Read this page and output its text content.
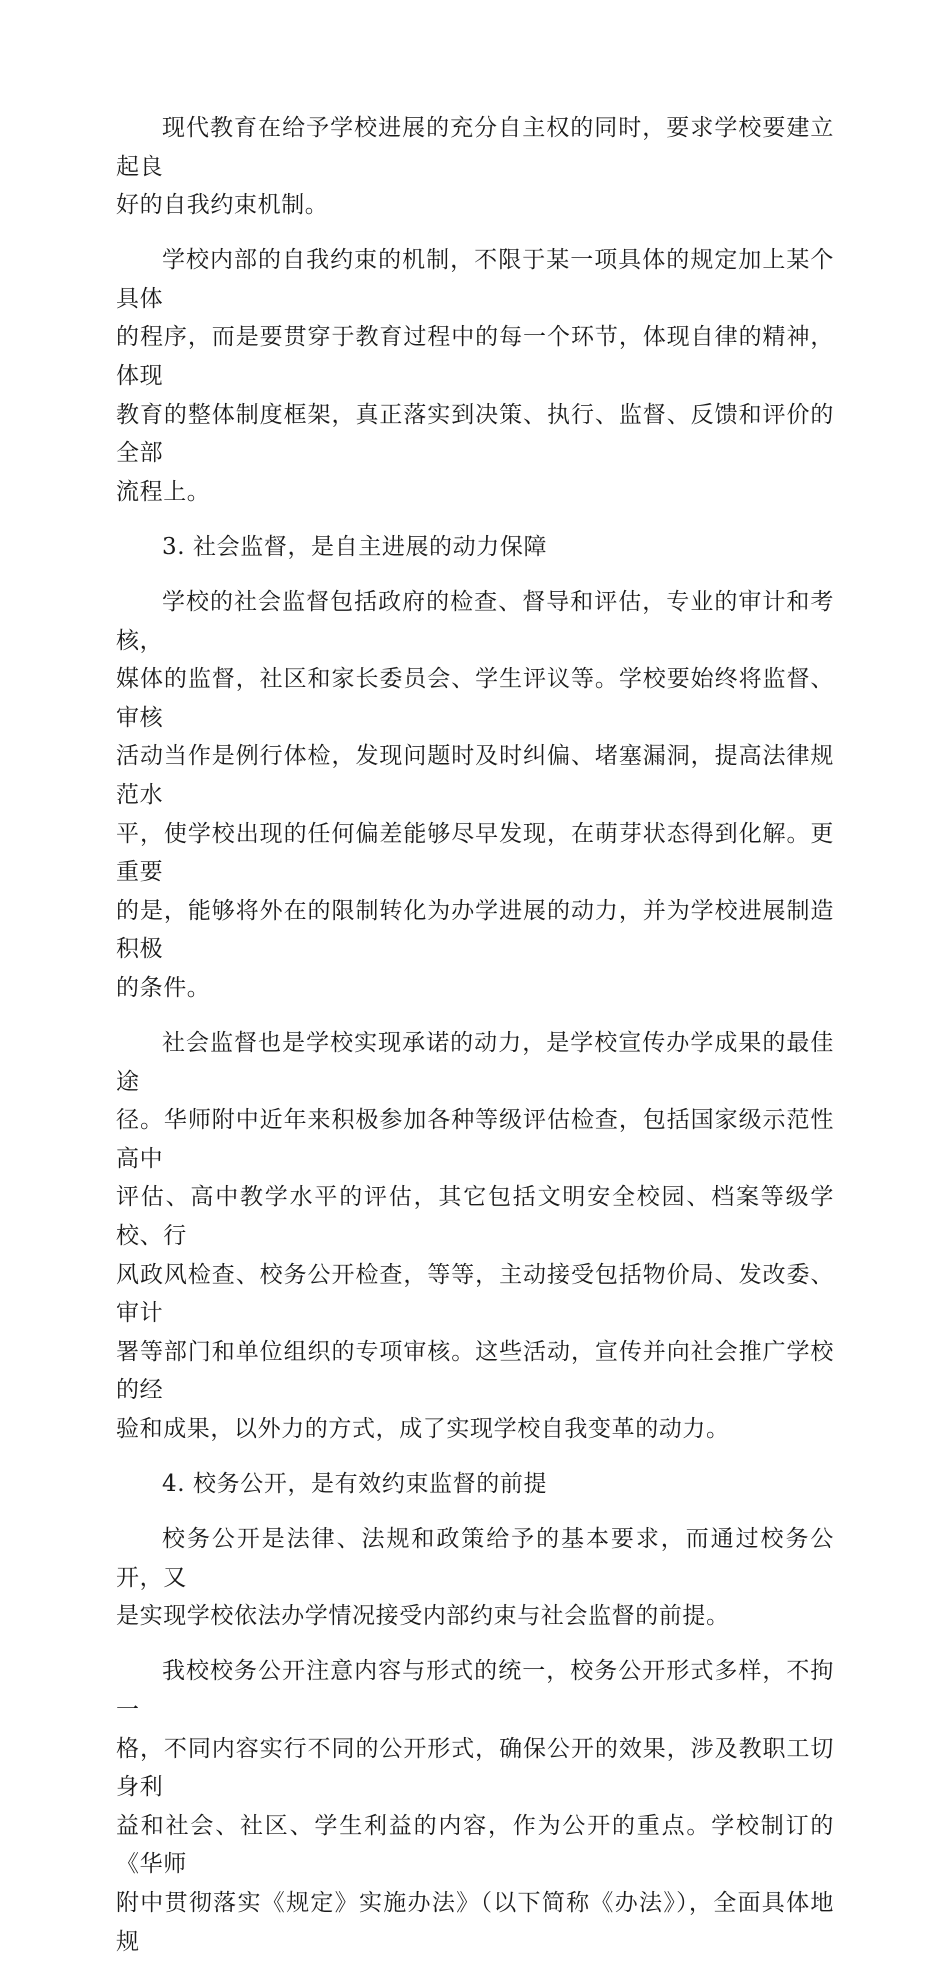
现代教育在给予学校进展的充分自主权的同时，要求学校要建立起良
好的自我约束机制。

学校内部的自我约束的机制，不限于某一项具体的规定加上某个具体
的程序，而是要贯穿于教育过程中的每一个环节，体现自律的精神，体现
教育的整体制度框架，真正落实到决策、执行、监督、反馈和评价的全部
流程上。

3. 社会监督，是自主进展的动力保障

学校的社会监督包括政府的检查、督导和评估，专业的审计和考核，
媒体的监督，社区和家长委员会、学生评议等。学校要始终将监督、审核
活动当作是例行体检，发现问题时及时纠偏、堵塞漏洞，提高法律规范水
平，使学校出现的任何偏差能够尽早发现，在萌芽状态得到化解。更重要
的是，能够将外在的限制转化为办学进展的动力，并为学校进展制造积极
的条件。

社会监督也是学校实现承诺的动力，是学校宣传办学成果的最佳途
径。华师附中近年来积极参加各种等级评估检查，包括国家级示范性高中
评估、高中教学水平的评估，其它包括文明安全校园、档案等级学校、行
风政风检查、校务公开检查，等等，主动接受包括物价局、发改委、审计
署等部门和单位组织的专项审核。这些活动，宣传并向社会推广学校的经
验和成果，以外力的方式，成了实现学校自我变革的动力。

4. 校务公开，是有效约束监督的前提

校务公开是法律、法规和政策给予的基本要求，而通过校务公开，又
是实现学校依法办学情况接受内部约束与社会监督的前提。

我校校务公开注意内容与形式的统一，校务公开形式多样，不拘一
格，不同内容实行不同的公开形式，确保公开的效果，涉及教职工切身利
益和社会、社区、学生利益的内容，作为公开的重点。学校制订的《华师
附中贯彻落实《规定》实施办法》（以下简称《办法》），全面具体地规
